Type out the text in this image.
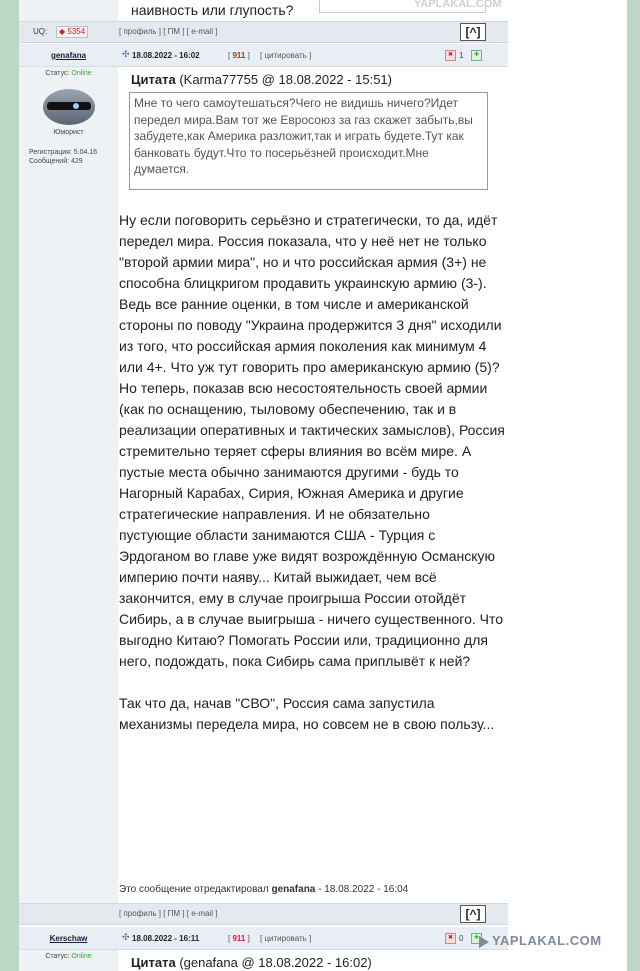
наивность или глупость?	YAPLAKAL.COM
UQ:	◆ 5354	[ профиль ] [ ПМ ] [ e-mail ]	[^]
genafana	✣ 18.08.2022 - 16:02	[ 911 ] [ цитировать ]	✖ 1	✚
Статус: Online
Юморист
Регистрация: 5.04.16
Сообщений: 429
Цитата (Karma77755 @ 18.08.2022 - 15:51)
Мне то чего самоутешаться?Чего не видишь ничего?Идет передел мира.Вам тот же Евросоюз за газ скажет забыть,вы забудете,как Америка разложит,так и играть будете.Тут как банковать будут.Что то посерьёзней происходит.Мне думается.

Ну если поговорить серьёзно и стратегически, то да, идёт передел мира. Россия показала, что у неё нет не только "второй армии мира", но и что российская армия (3+) не способна блицкригом продавить украинскую армию (3-). Ведь все ранние оценки, в том числе и американской стороны по поводу "Украина продержится 3 дня" исходили из того, что российская армия поколения как минимум 4 или 4+. Что уж тут говорить про американскую армию (5)?

Но теперь, показав всю несостоятельность своей армии (как по оснащению, тыловому обеспечению, так и в реализации оперативных и тактических замыслов), Россия стремительно теряет сферы влияния во всём мире. А пустые места обычно занимаются другими - будь то Нагорный Карабах, Сирия, Южная Америка и другие стратегические направления. И не обязательно пустующие области занимаются США - Турция с Эрдоганом во главе уже видят возрождённую Османскую империю почти наяву... Китай выжидает, чем всё закончится, ему в случае проигрыша России отойдёт Сибирь, а в случае выигрыша - ничего существенного. Что выгодно Китаю? Помогать России или, традиционно для него, подождать, пока Сибирь сама приплывёт к ней?

Так что да, начав "СВО", Россия сама запустила механизмы передела мира, но совсем не в свою пользу...

Это сообщение отредактировал genafana - 18.08.2022 - 16:04
[ профиль ] [ ПМ ] [ e-mail ]	[^]
Kerschaw	✣ 18.08.2022 - 16:11	[ 911 ] [ цитировать ]	✖ 0	✚
Статус: Online	Цитата (genafana @ 18.08.2022 - 16:02)
YAPLAKAL.COM
